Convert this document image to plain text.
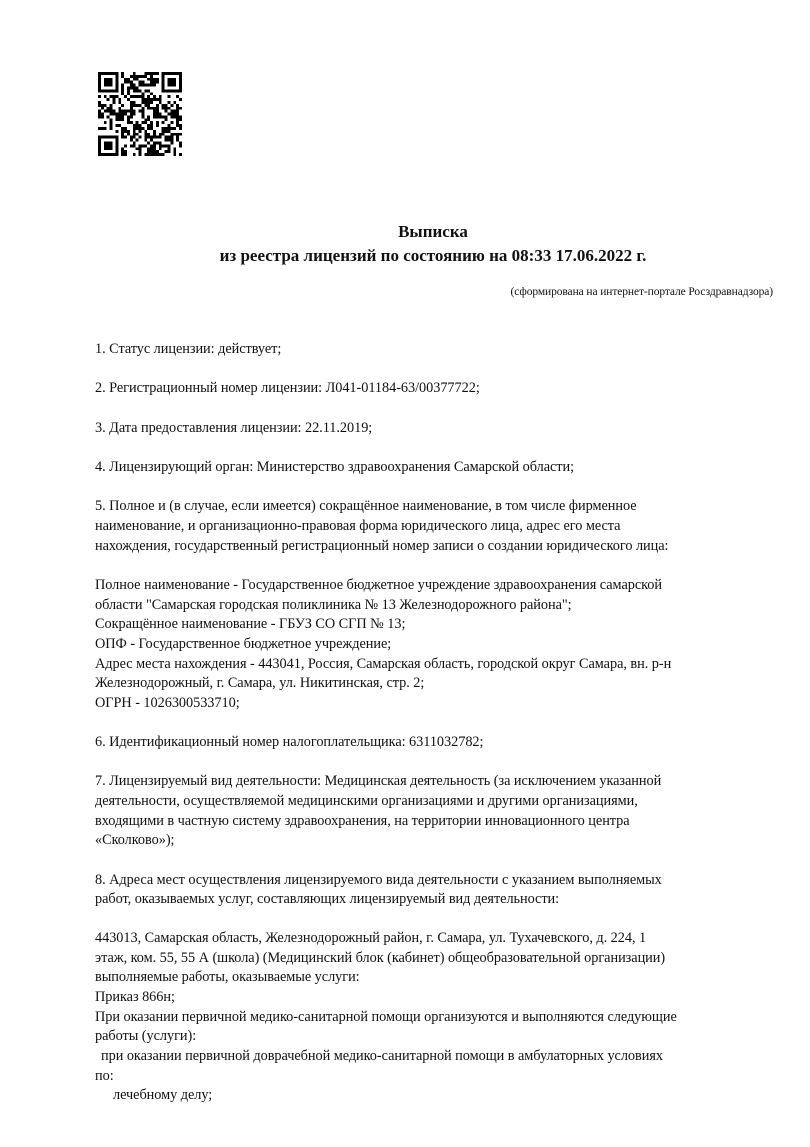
Выписка
из реестра лицензий по состоянию на 08:33 17.06.2022 г.
(сформирована на интернет-портале Росздравнадзора)
1. Статус лицензии: действует;
2. Регистрационный номер лицензии: Л041-01184-63/00377722;
3. Дата предоставления лицензии: 22.11.2019;
4. Лицензирующий орган: Министерство здравоохранения Самарской области;
5. Полное и (в случае, если имеется) сокращённое наименование, в том числе фирменное
наименование, и организационно-правовая форма юридического лица, адрес его места
нахождения, государственный регистрационный номер записи о создании юридического лица:
Полное наименование - Государственное бюджетное учреждение здравоохранения самарской
области "Самарская городская поликлиника № 13 Железнодорожного района";
Сокращённое наименование - ГБУЗ СО СГП № 13;
ОПФ - Государственное бюджетное учреждение;
Адрес места нахождения - 443041, Россия, Самарская область, городской округ Самара, вн. р-н
Железнодорожный, г. Самара, ул. Никитинская, стр. 2;
ОГРН - 1026300533710;
6. Идентификационный номер налогоплательщика: 6311032782;
7. Лицензируемый вид деятельности: Медицинская деятельность (за исключением указанной
деятельности, осуществляемой медицинскими организациями и другими организациями,
входящими в частную систему здравоохранения, на территории инновационного центра
«Сколково»);
8. Адреса мест осуществления лицензируемого вида деятельности с указанием выполняемых
работ, оказываемых услуг, составляющих лицензируемый вид деятельности:
443013, Самарская область, Железнодорожный район, г. Самара, ул. Тухачевского, д. 224, 1
этаж, ком. 55, 55 А (школа) (Медицинский блок (кабинет) общеобразовательной организации)
выполняемые работы, оказываемые услуги:
Приказ 866н;
При оказании первичной медико-санитарной помощи организуются и выполняются следующие
работы (услуги):
при оказании первичной доврачебной медико-санитарной помощи в амбулаторных условиях
по:
лечебному делу;
